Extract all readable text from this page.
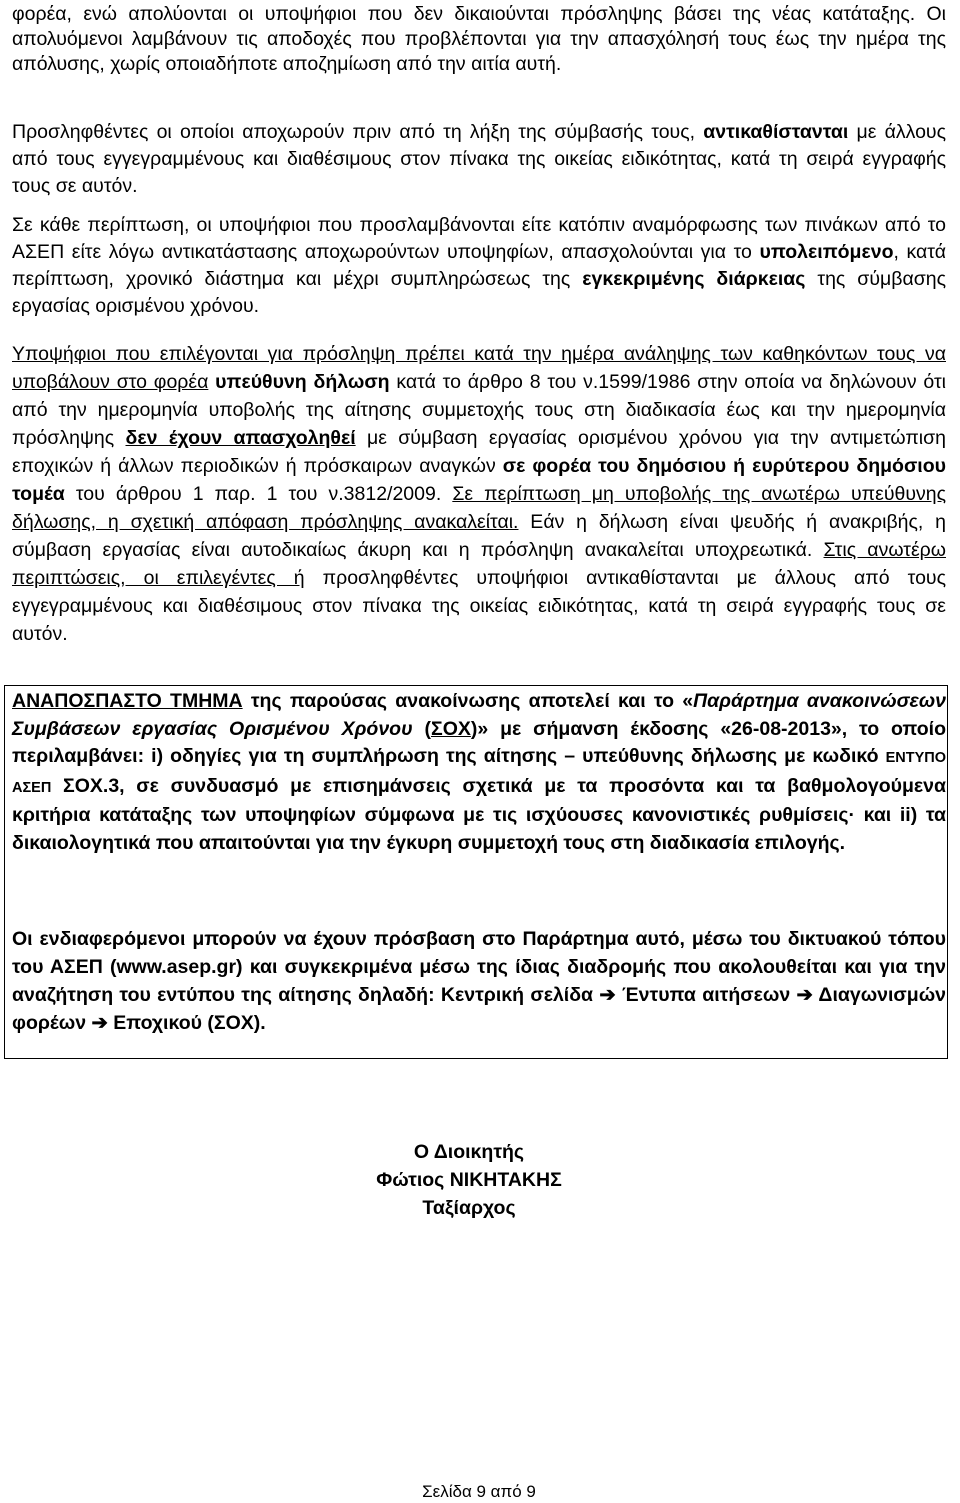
φορέα, ενώ απολύονται οι υποψήφιοι που δεν δικαιούνται πρόσληψης βάσει της νέας κατάταξης. Οι απολυόμενοι λαμβάνουν τις αποδοχές που προβλέπονται για την απασχόλησή τους έως την ημέρα της απόλυσης, χωρίς οποιαδήποτε αποζημίωση από την αιτία αυτή.

Προσληφθέντες οι οποίοι αποχωρούν πριν από τη λήξη της σύμβασής τους, αντικαθίστανται με άλλους από τους εγγεγραμμένους και διαθέσιμους στον πίνακα της οικείας ειδικότητας, κατά τη σειρά εγγραφής τους σε αυτόν.

Σε κάθε περίπτωση, οι υποψήφιοι που προσλαμβάνονται είτε κατόπιν αναμόρφωσης των πινάκων από το ΑΣΕΠ είτε λόγω αντικατάστασης αποχωρούντων υποψηφίων, απασχολούνται για το υπολειπόμενο, κατά περίπτωση, χρονικό διάστημα και μέχρι συμπληρώσεως της εγκεκριμένης διάρκειας της σύμβασης εργασίας ορισμένου χρόνου.

Υποψήφιοι που επιλέγονται για πρόσληψη πρέπει κατά την ημέρα ανάληψης των καθηκόντων τους να υποβάλουν στο φορέα υπεύθυνη δήλωση κατά το άρθρο 8 του ν.1599/1986 στην οποία να δηλώνουν ότι από την ημερομηνία υποβολής της αίτησης συμμετοχής τους στη διαδικασία έως και την ημερομηνία πρόσληψης δεν έχουν απασχοληθεί με σύμβαση εργασίας ορισμένου χρόνου για την αντιμετώπιση εποχικών ή άλλων περιοδικών ή πρόσκαιρων αναγκών σε φορέα του δημόσιου ή ευρύτερου δημόσιου τομέα του άρθρου 1 παρ. 1 του ν.3812/2009. Σε περίπτωση μη υποβολής της ανωτέρω υπεύθυνης δήλωσης, η σχετική απόφαση πρόσληψης ανακαλείται. Εάν η δήλωση είναι ψευδής ή ανακριβής, η σύμβαση εργασίας είναι αυτοδικαίως άκυρη και η πρόσληψη ανακαλείται υποχρεωτικά. Στις ανωτέρω περιπτώσεις, οι επιλεγέντες ή προσληφθέντες υποψήφιοι αντικαθίστανται με άλλους από τους εγγεγραμμένους και διαθέσιμους στον πίνακα της οικείας ειδικότητας, κατά τη σειρά εγγραφής τους σε αυτόν.

ΑΝΑΠΟΣΠΑΣΤΟ ΤΜΗΜΑ της παρούσας ανακοίνωσης αποτελεί και το «Παράρτημα ανακοινώσεων Συμβάσεων εργασίας Ορισμένου Χρόνου (ΣΟΧ)» με σήμανση έκδοσης «26-08-2013», το οποίο περιλαμβάνει: i) οδηγίες για τη συμπλήρωση της αίτησης – υπεύθυνης δήλωσης με κωδικό ΕΝΤΥΠΟ ΑΣΕΠ ΣΟΧ.3, σε συνδυασμό με επισημάνσεις σχετικά με τα προσόντα και τα βαθμολογούμενα κριτήρια κατάταξης των υποψηφίων σύμφωνα με τις ισχύουσες κανονιστικές ρυθμίσεις· και ii) τα δικαιολογητικά που απαιτούνται για την έγκυρη συμμετοχή τους στη διαδικασία επιλογής.

Οι ενδιαφερόμενοι μπορούν να έχουν πρόσβαση στο Παράρτημα αυτό, μέσω του δικτυακού τόπου του ΑΣΕΠ (www.asep.gr) και συγκεκριμένα μέσω της ίδιας διαδρομής που ακολουθείται και για την αναζήτηση του εντύπου της αίτησης δηλαδή: Κεντρική σελίδα ➔ Έντυπα αιτήσεων ➔ Διαγωνισμών φορέων ➔ Εποχικού (ΣΟΧ).

Ο Διοικητής
Φώτιος ΝΙΚΗΤΑΚΗΣ
Ταξίαρχος
Σελίδα 9 από 9
